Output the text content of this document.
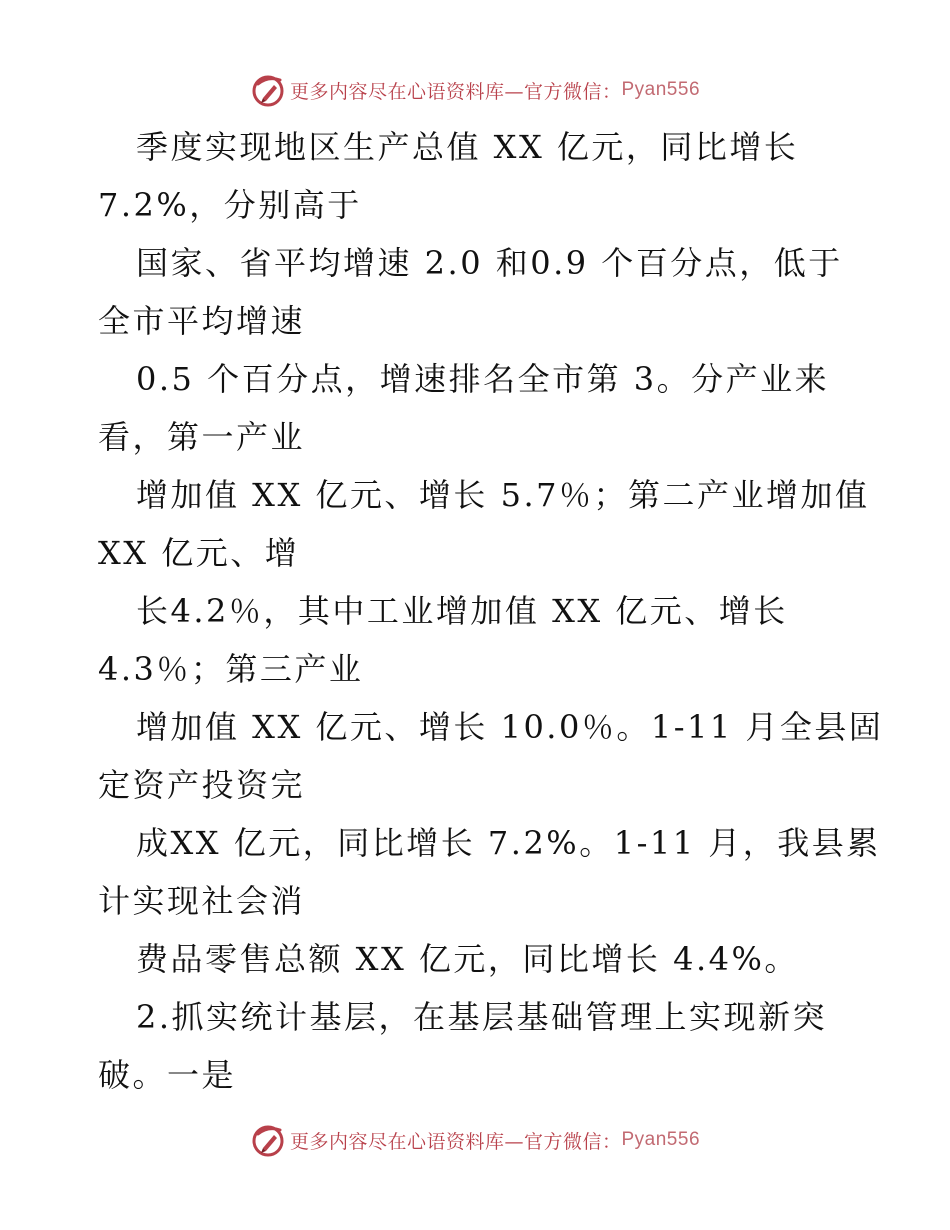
更多内容尽在心语资料库—官方微信： Pyan556
季度实现地区生产总值 XX 亿元，同比增长
7.2%，分别高于
国家、省平均增速 2.0 和0.9 个百分点，低于
全市平均增速
0.5 个百分点，增速排名全市第 3。分产业来
看，第一产业
增加值 XX 亿元、增长 5.7％；第二产业增加值
XX 亿元、增
长4.2％，其中工业增加值 XX 亿元、增长
4.3％；第三产业
增加值 XX 亿元、增长 10.0％。1-11 月全县固
定资产投资完
成XX 亿元，同比增长 7.2%。1-11 月，我县累
计实现社会消
费品零售总额 XX 亿元，同比增长 4.4%。
2.抓实统计基层，在基层基础管理上实现新突
破。一是
更多内容尽在心语资料库—官方微信： Pyan556
